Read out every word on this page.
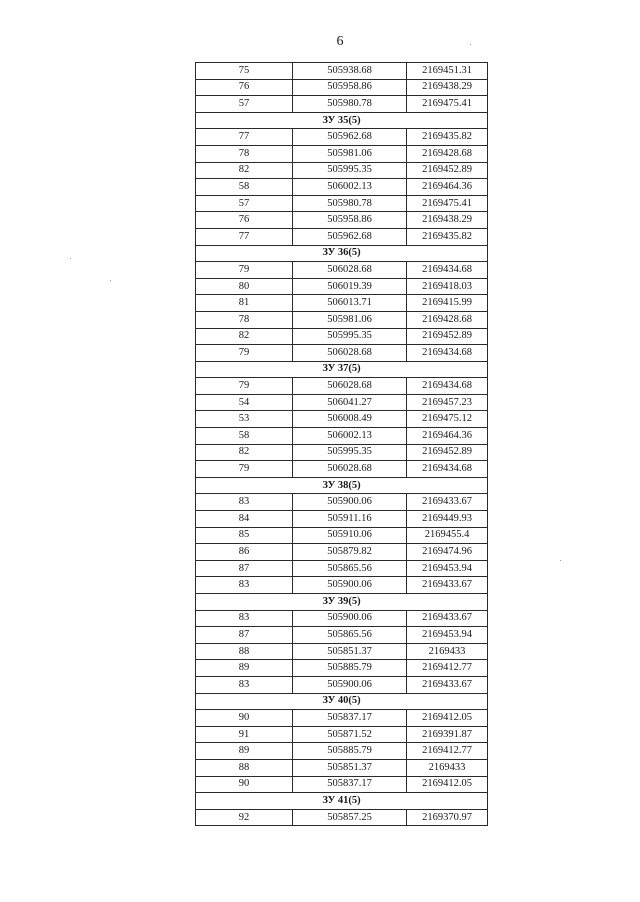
6
75	505938.68	2169451.31
76	505958.86	2169438.29
57	505980.78	2169475.41
ЗУ 35(5)		
77	505962.68	2169435.82
78	505981.06	2169428.68
82	505995.35	2169452.89
58	506002.13	2169464.36
57	505980.78	2169475.41
76	505958.86	2169438.29
77	505962.68	2169435.82
ЗУ 36(5)		
79	506028.68	2169434.68
80	506019.39	2169418.03
81	506013.71	2169415.99
78	505981.06	2169428.68
82	505995.35	2169452.89
79	506028.68	2169434.68
ЗУ 37(5)		
79	506028.68	2169434.68
54	506041.27	2169457.23
53	506008.49	2169475.12
58	506002.13	2169464.36
82	505995.35	2169452.89
79	506028.68	2169434.68
ЗУ 38(5)		
83	505900.06	2169433.67
84	505911.16	2169449.93
85	505910.06	2169455.4
86	505879.82	2169474.96
87	505865.56	2169453.94
83	505900.06	2169433.67
ЗУ 39(5)		
83	505900.06	2169433.67
87	505865.56	2169453.94
88	505851.37	2169433
89	505885.79	2169412.77
83	505900.06	2169433.67
ЗУ 40(5)		
90	505837.17	2169412.05
91	505871.52	2169391.87
89	505885.79	2169412.77
88	505851.37	2169433
90	505837.17	2169412.05
ЗУ 41(5)		
92	505857.25	2169370.97
